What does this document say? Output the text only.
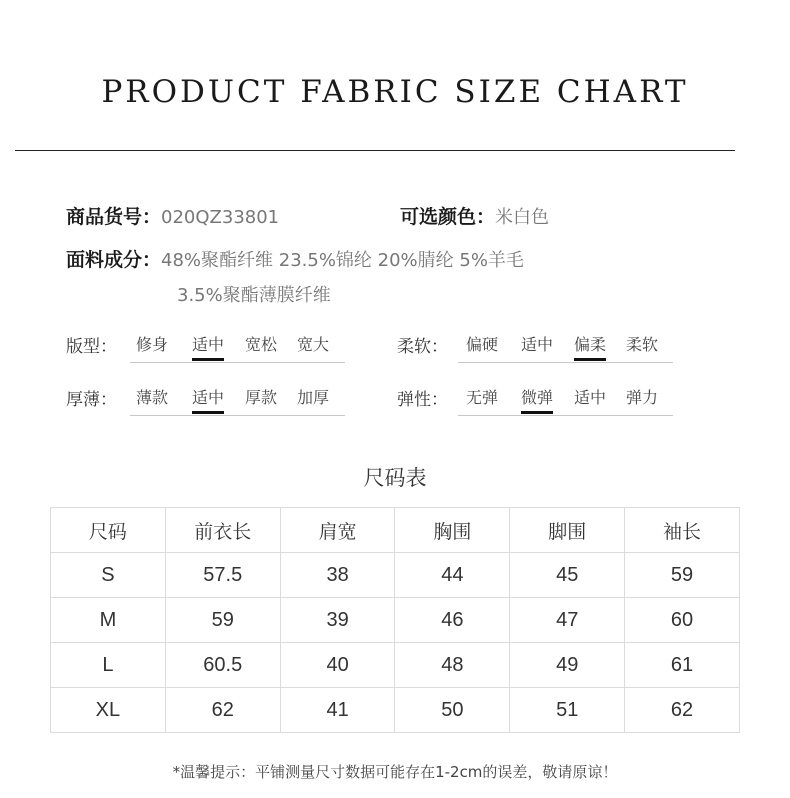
PRODUCT FABRIC SIZE CHART
商品货号：020QZ33801	可选颜色：米白色
面料成分：48%聚酯纤维 23.5%锦纶 20%腈纶 5%羊毛
3.5%聚酯薄膜纤维
版型： 修身 适中 宽松 宽大	柔软： 偏硬 适中 偏柔 柔软
厚薄： 薄款 适中 厚款 加厚	弹性： 无弹 微弹 适中 弹力
尺码表
尺码	前衣长	肩宽	胸围	脚围	袖长
S	57.5	38	44	45	59
M	59	39	46	47	60
L	60.5	40	48	49	61
XL	62	41	50	51	62
*温馨提示：平铺测量尺寸数据可能存在1-2cm的误差，敬请原谅！
